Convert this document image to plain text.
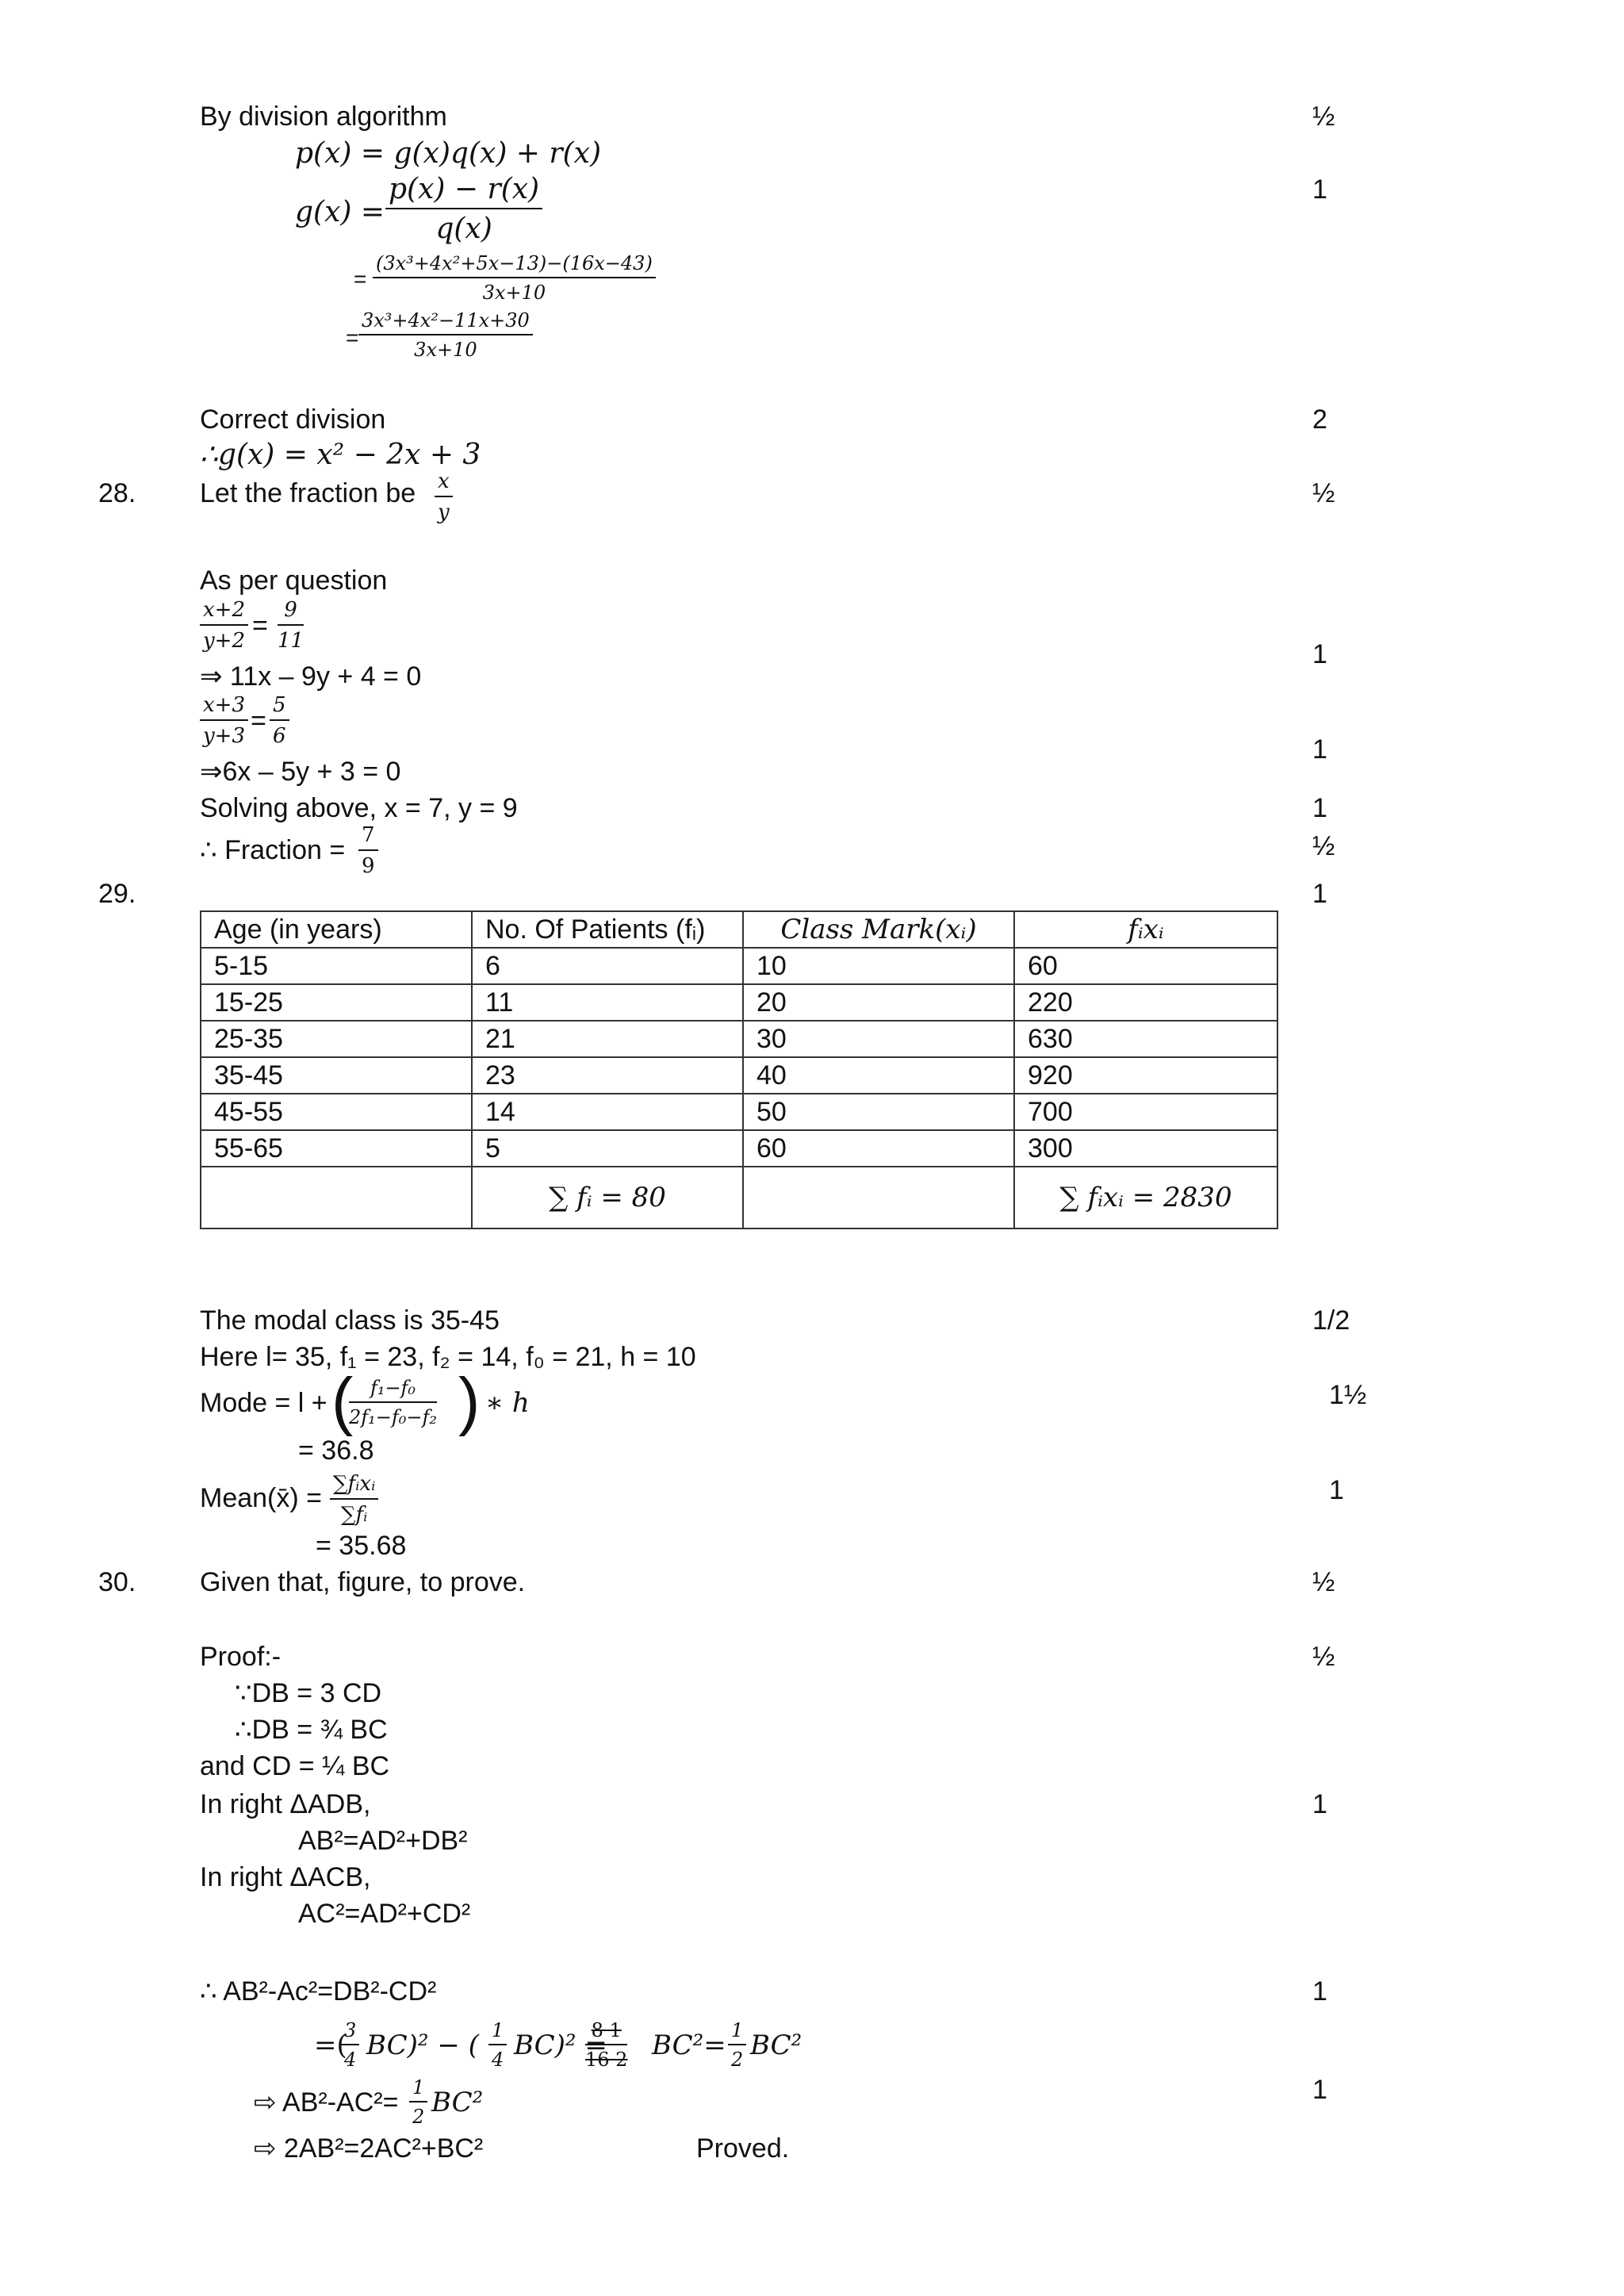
By division algorithm	½
p(x) = g(x)q(x) + r(x)
$g(x) = \frac{p(x) - r(x)}{q(x)}$	1
= $\frac{\text{(3x³+4x²+5x−13)−(16x−43)}}{3x+10}$
= $\frac{\text{3x³+4x²−11x+30}}{3x+10}$
Correct division	2
∴g(x) = x² − 2x + 3
28. Let the fraction be $\frac{x}{y}$	½
As per question
$\frac{x+2}{y+2} = \frac{9}{11}$
1
⇒ 11x – 9y + 4 = 0
$\frac{x+3}{y+3} = \frac{5}{6}$
1
⇒6x – 5y + 3 = 0
Solving above, x = 7, y = 9	1
∴ Fraction = $\frac{7}{9}$	½
29.	1
Age (in years)	No. Of Patients (fᵢ)	Class Mark(xᵢ)	fᵢxᵢ
5-15	6	10	60
15-25	11	20	220
25-35	21	30	630
35-45	23	40	920
45-55	14	50	700
55-65	5	60	300
	∑ fᵢ = 80		∑ fᵢxᵢ = 2830
The modal class is 35-45	1/2
Here l= 35, f₁ = 23, f₂ = 14, f₀ = 21, h = 10
Mode = l + (
$\frac{\text{f₁−f₀}}{\text{2f₁−f₀−f₂}}$ ) ∗ h	1½
= 36.8
Mean(x̄) = ∑fᵢxᵢ
∑fᵢ
1
= 35.68
30. Given that, figure, to prove.	½
Proof:-	½
∵DB = 3 CD
∴DB = ¾ BC
and CD = ¼ BC
In right ΔADB,	1
AB²=AD²+DB²
In right ΔACB,
AC²=AD²+CD²
∴ AB²-Ac²=DB²-CD²	1
=(
$\frac{3}{4} BC)^2$ − ( $\frac{1}{4} BC)^2$ =
$\frac{8 1}{16 2} BC^2= \frac{1}{2} BC^2$
⇨ $AB^2-AC^2= \frac{1}{2} BC^2$	1
⇨ 2AB²=2AC²+BC²	Proved.
